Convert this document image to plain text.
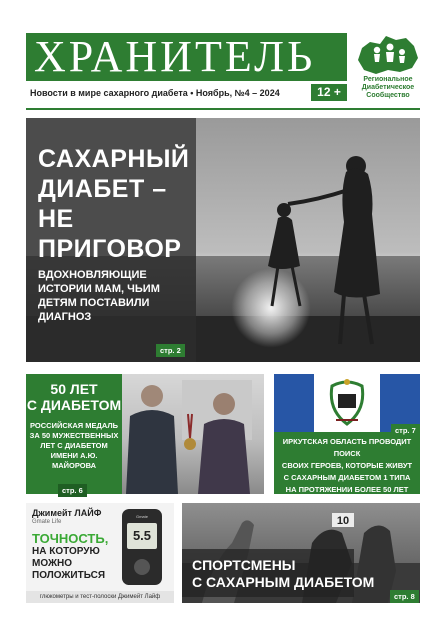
ХРАНИТЕЛЬ	Региональное
Диабетическое
Сообщество
Новости в мире сахарного диабета • Ноябрь, №4 – 2024	12 +
САХАРНЫЙ
ДИАБЕТ –
НЕ ПРИГОВОР
ВДОХНОВЛЯЮЩИЕ
ИСТОРИИ МАМ, ЧЬИМ
ДЕТЯМ ПОСТАВИЛИ
ДИАГНОЗ
стр. 2
50 ЛЕТ
С ДИАБЕТОМ
РОССИЙСКАЯ МЕДАЛЬ
ЗА 50 МУЖЕСТВЕННЫХ
ЛЕТ С ДИАБЕТОМ
ИМЕНИ А.Ю. МАЙОРОВА
стр. 6
ИРКУТСКАЯ ОБЛАСТЬ ПРОВОДИТ ПОИСК
СВОИХ ГЕРОЕВ, КОТОРЫЕ ЖИВУТ
С САХАРНЫМ ДИАБЕТОМ 1 ТИПА
НА ПРОТЯЖЕНИИ БОЛЕЕ 50 ЛЕТ
стр. 7
Джимейт ЛАЙФ
Gmate Life
ТОЧНОСТЬ,
НА КОТОРУЮ
МОЖНО
ПОЛОЖИТЬСЯ
Gmate
5.5
глюкометры и тест-полоски Джимейт Лайф
10
СПОРТСМЕНЫ
С САХАРНЫМ ДИАБЕТОМ
стр. 8
